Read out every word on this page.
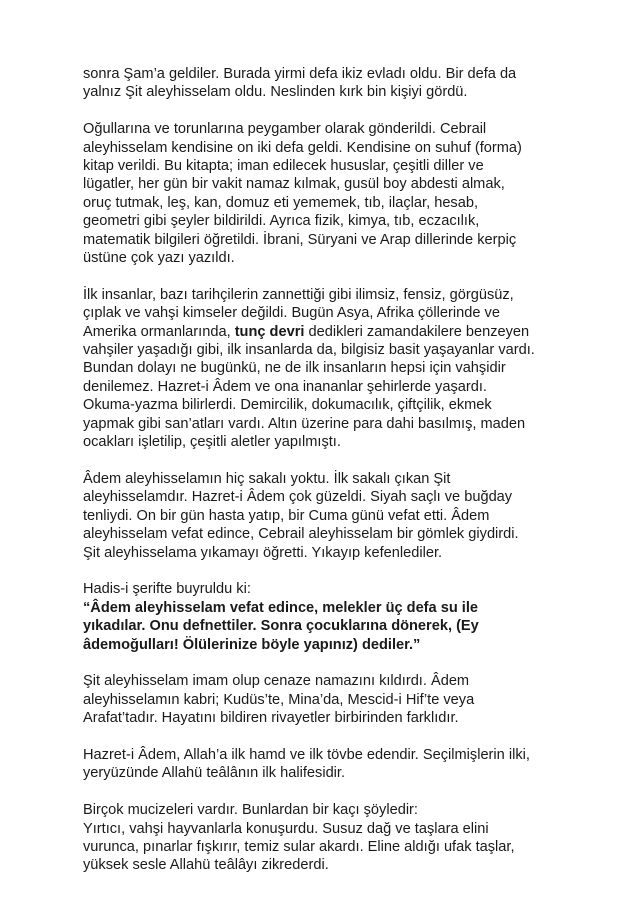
sonra Şam’a geldiler. Burada yirmi defa ikiz evladı oldu. Bir defa da
yalnız Şit aleyhisselam oldu. Neslinden kırk bin kişiyi gördü.
Oğullarına ve torunlarına peygamber olarak gönderildi. Cebrail
aleyhisselam kendisine on iki defa geldi. Kendisine on suhuf (forma)
kitap verildi. Bu kitapta; iman edilecek hususlar, çeşitli diller ve
lügatler, her gün bir vakit namaz kılmak, gusül boy abdesti almak,
oruç tutmak, leş, kan, domuz eti yememek, tıb, ilaçlar, hesab,
geometri gibi şeyler bildirildi. Ayrıca fizik, kimya, tıb, eczacılık,
matematik bilgileri öğretildi. İbrani, Süryani ve Arap dillerinde kerpiç
üstüne çok yazı yazıldı.
İlk insanlar, bazı tarihçilerin zannettiği gibi ilimsiz, fensiz, görgüsüz,
çıplak ve vahşi kimseler değildi. Bugün Asya, Afrika çöllerinde ve
Amerika ormanlarında, tunç devri dedikleri zamandakilere benzeyen
vahşiler yaşadığı gibi, ilk insanlarda da, bilgisiz basit yaşayanlar vardı.
Bundan dolayı ne bugünkü, ne de ilk insanların hepsi için vahşidir
denilemez. Hazret-i Âdem ve ona inananlar şehirlerde yaşardı.
Okuma-yazma bilirlerdi. Demircilik, dokumacılık, çiftçilik, ekmek
yapmak gibi san’atları vardı. Altın üzerine para dahi basılmış, maden
ocakları işletilip, çeşitli aletler yapılmıştı.
Âdem aleyhisselamın hiç sakalı yoktu. İlk sakalı çıkan Şit
aleyhisselamdır. Hazret-i Âdem çok güzeldi. Siyah saçlı ve buğday
tenliydi. On bir gün hasta yatıp, bir Cuma günü vefat etti. Âdem
aleyhisselam vefat edince, Cebrail aleyhisselam bir gömlek giydirdi.
Şit aleyhisselama yıkamayı öğretti. Yıkayıp kefenlediler.
Hadis-i şerifte buyruldu ki:
“Âdem aleyhisselam vefat edince, melekler üç defa su ile
yıkadılar. Onu defnettiler. Sonra çocuklarına dönerek, (Ey
âdemoğulları! Ölülerinize böyle yapınız) dediler.”
Şit aleyhisselam imam olup cenaze namazını kıldırdı. Âdem
aleyhisselamın kabri; Kudüs’te, Mina’da, Mescid-i Hif’te veya
Arafat’tadır. Hayatını bildiren rivayetler birbirinden farklıdır.
Hazret-i Âdem, Allah’a ilk hamd ve ilk tövbe edendir. Seçilmişlerin ilki,
yeryüzünde Allahü teâlânın ilk halifesidir.
Birçok mucizeleri vardır. Bunlardan bir kaçı şöyledir:
Yırtıcı, vahşi hayvanlarla konuşurdu. Susuz dağ ve taşlara elini
vurunca, pınarlar fışkırır, temiz sular akardı. Eline aldığı ufak taşlar,
yüksek sesle Allahü teâlâyı zikrederdi.
